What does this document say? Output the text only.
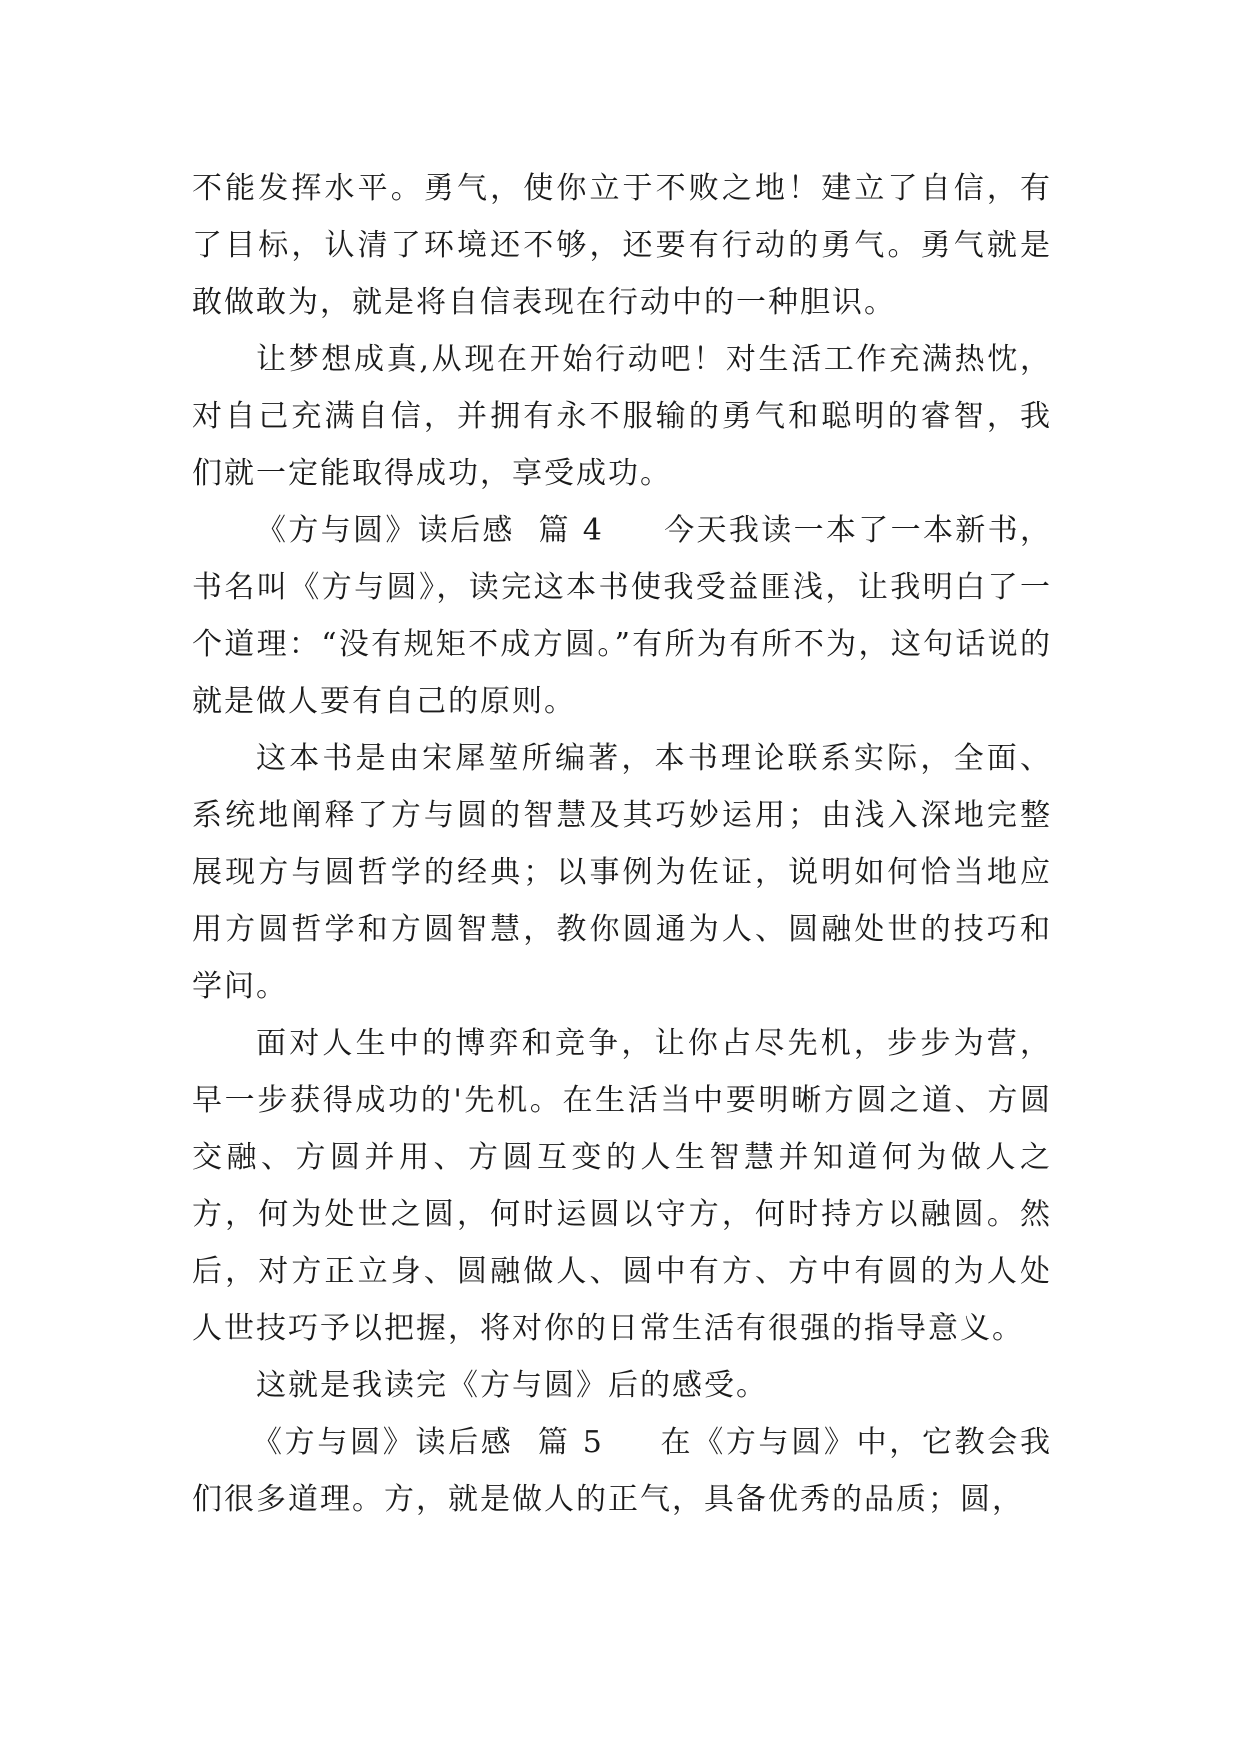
不能发挥水平。勇气，使你立于不败之地！建立了自信，有了目标，认清了环境还不够，还要有行动的勇气。勇气就是敢做敢为，就是将自信表现在行动中的一种胆识。

让梦想成真,从现在开始行动吧！对生活工作充满热忱，对自己充满自信，并拥有永不服输的勇气和聪明的睿智，我们就一定能取得成功，享受成功。

《方与圆》读后感  篇 4 今天我读一本了一本新书，书名叫《方与圆》，读完这本书使我受益匪浅，让我明白了一个道理：“没有规矩不成方圆。”有所为有所不为，这句话说的就是做人要有自己的原则。

这本书是由宋犀堃所编著，本书理论联系实际，全面、系统地阐释了方与圆的智慧及其巧妙运用；由浅入深地完整展现方与圆哲学的经典；以事例为佐证，说明如何恰当地应用方圆哲学和方圆智慧，教你圆通为人、圆融处世的技巧和学问。

面对人生中的博弈和竞争，让你占尽先机，步步为营，早一步获得成功的'先机。在生活当中要明晰方圆之道、方圆交融、方圆并用、方圆互变的人生智慧并知道何为做人之方，何为处世之圆，何时运圆以守方，何时持方以融圆。然后，对方正立身、圆融做人、圆中有方、方中有圆的为人处人世技巧予以把握，将对你的日常生活有很强的指导意义。

这就是我读完《方与圆》后的感受。

《方与圆》读后感  篇 5 在《方与圆》中，它教会我们很多道理。方，就是做人的正气，具备优秀的品质；圆，
